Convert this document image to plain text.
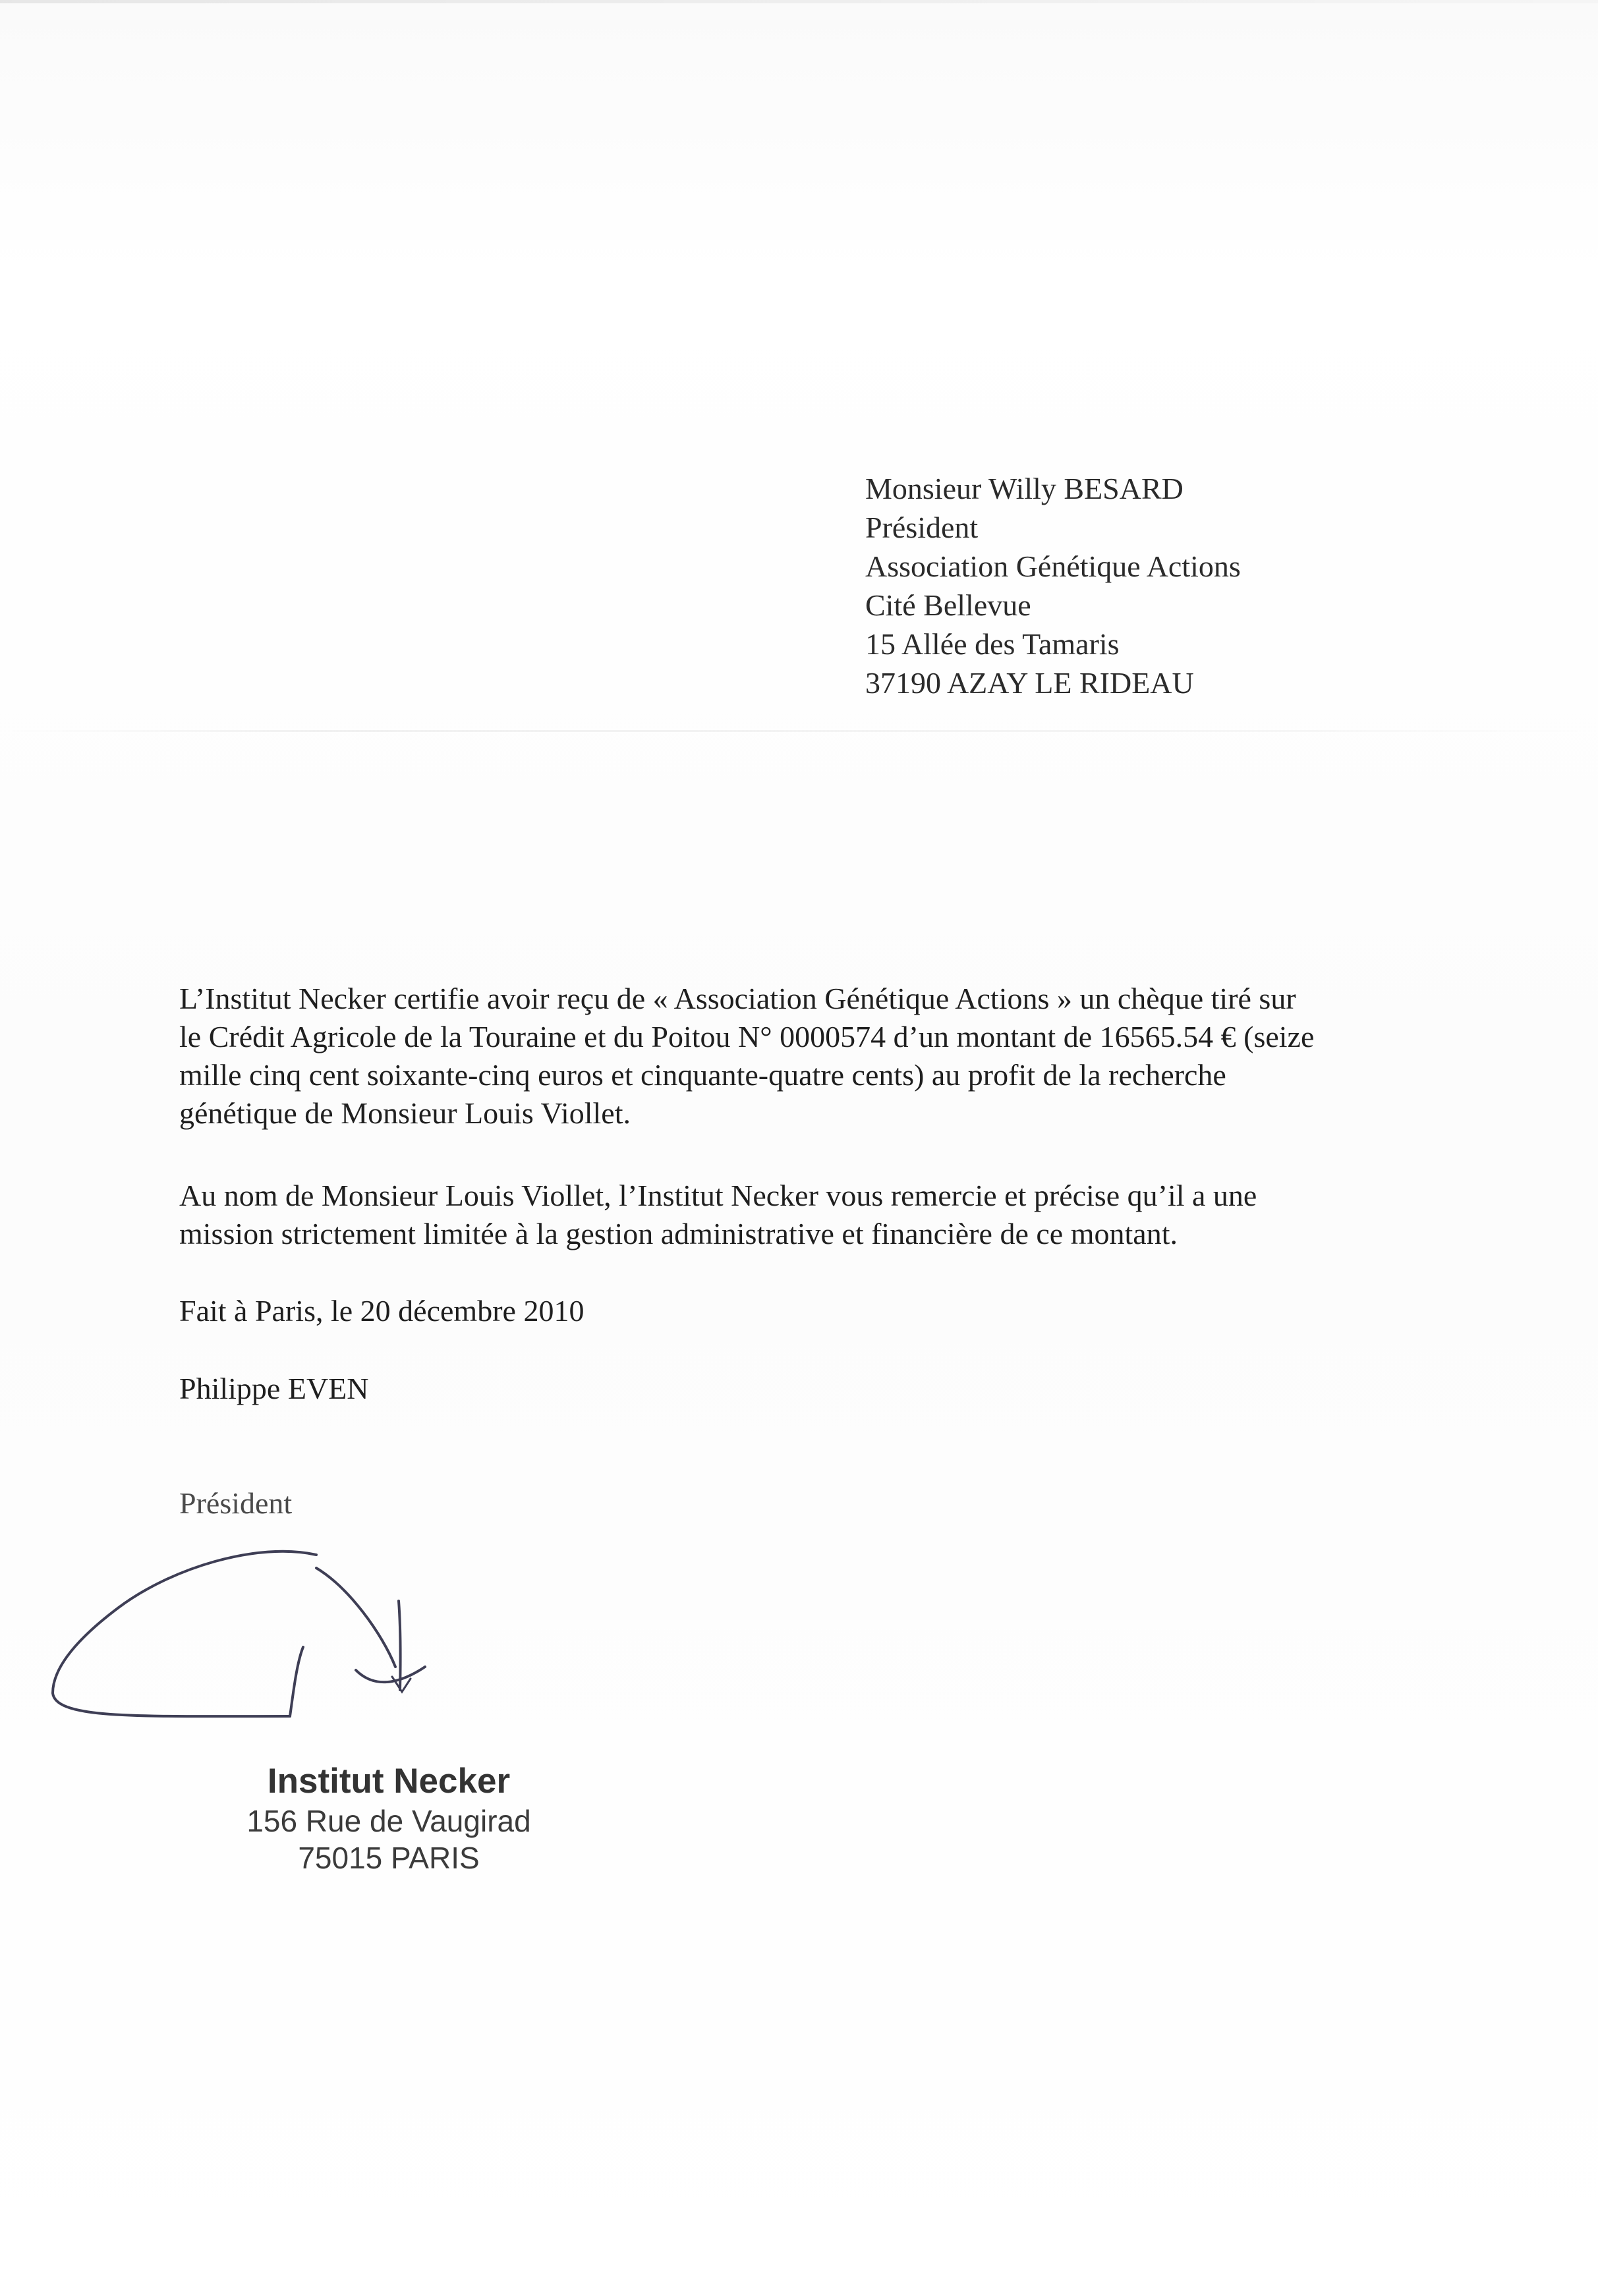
Monsieur Willy BESARD
Président
Association Génétique Actions
Cité Bellevue
15 Allée des Tamaris
37190 AZAY LE RIDEAU
L’Institut Necker certifie avoir reçu de « Association Génétique Actions » un chèque tiré sur
le Crédit Agricole de la Touraine et du Poitou N° 0000574 d’un montant de 16565.54 € (seize
mille cinq cent soixante-cinq euros et cinquante-quatre cents) au profit de la recherche
génétique de Monsieur Louis Viollet.
Au nom de Monsieur Louis Viollet, l’Institut Necker vous remercie et précise qu’il a une
mission strictement limitée à la gestion administrative et financière de ce montant.
Fait à Paris, le 20 décembre 2010
Philippe EVEN
Président
Institut Necker
156 Rue de Vaugirad
75015 PARIS
